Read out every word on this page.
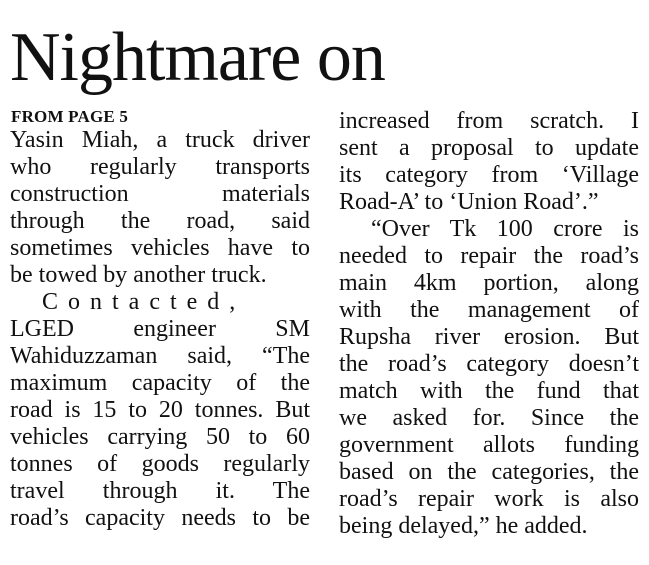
Nightmare on
FROM PAGE 5
Yasin Miah, a truck driver
who regularly transports
construction materials
through the road, said
sometimes vehicles have to
be towed by another truck.
Contacted,
LGED engineer SM
Wahiduzzaman said, “The
maximum capacity of the
road is 15 to 20 tonnes. But
vehicles carrying 50 to 60
tonnes of goods regularly
travel through it. The
road’s capacity needs to be
increased from scratch. I
sent a proposal to update
its category from ‘Village
Road-A’ to ‘Union Road’.”
“Over Tk 100 crore is
needed to repair the road’s
main 4km portion, along
with the management of
Rupsha river erosion. But
the road’s category doesn’t
match with the fund that
we asked for. Since the
government allots funding
based on the categories, the
road’s repair work is also
being delayed,” he added.
